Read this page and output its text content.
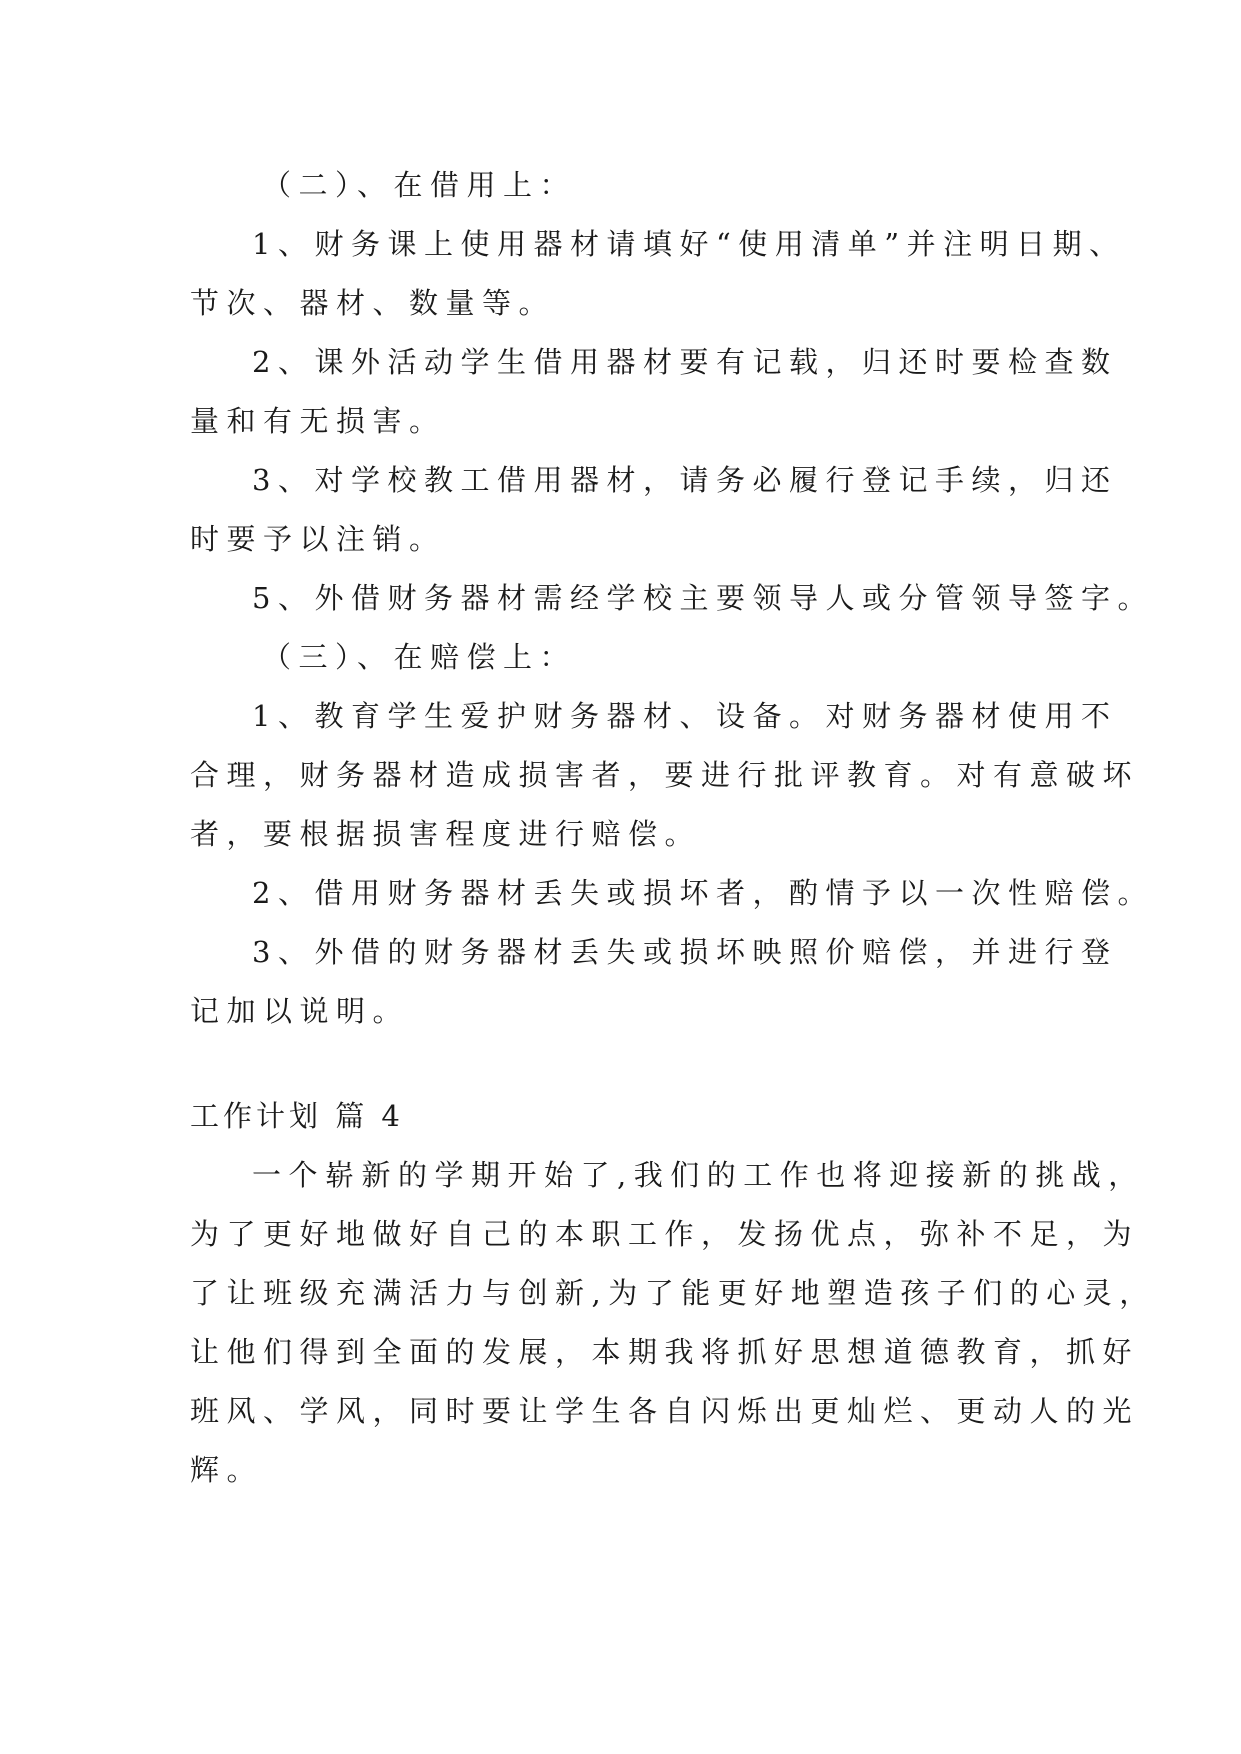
（二）、在借用上：
1、财务课上使用器材请填好“使用清单”并注明日期、
节次、器材、数量等。
2、课外活动学生借用器材要有记载，归还时要检查数
量和有无损害。
3、对学校教工借用器材，请务必履行登记手续，归还
时要予以注销。
5、外借财务器材需经学校主要领导人或分管领导签字。
（三）、在赔偿上：
1、教育学生爱护财务器材、设备。对财务器材使用不
合理，财务器材造成损害者，要进行批评教育。对有意破坏
者，要根据损害程度进行赔偿。
2、借用财务器材丢失或损坏者，酌情予以一次性赔偿。
3、外借的财务器材丢失或损坏映照价赔偿，并进行登
记加以说明。
工作计划 篇 4
一个崭新的学期开始了,我们的工作也将迎接新的挑战，
为了更好地做好自己的本职工作，发扬优点，弥补不足，为
了让班级充满活力与创新,为了能更好地塑造孩子们的心灵，
让他们得到全面的发展，本期我将抓好思想道德教育，抓好
班风、学风，同时要让学生各自闪烁出更灿烂、更动人的光
辉。
